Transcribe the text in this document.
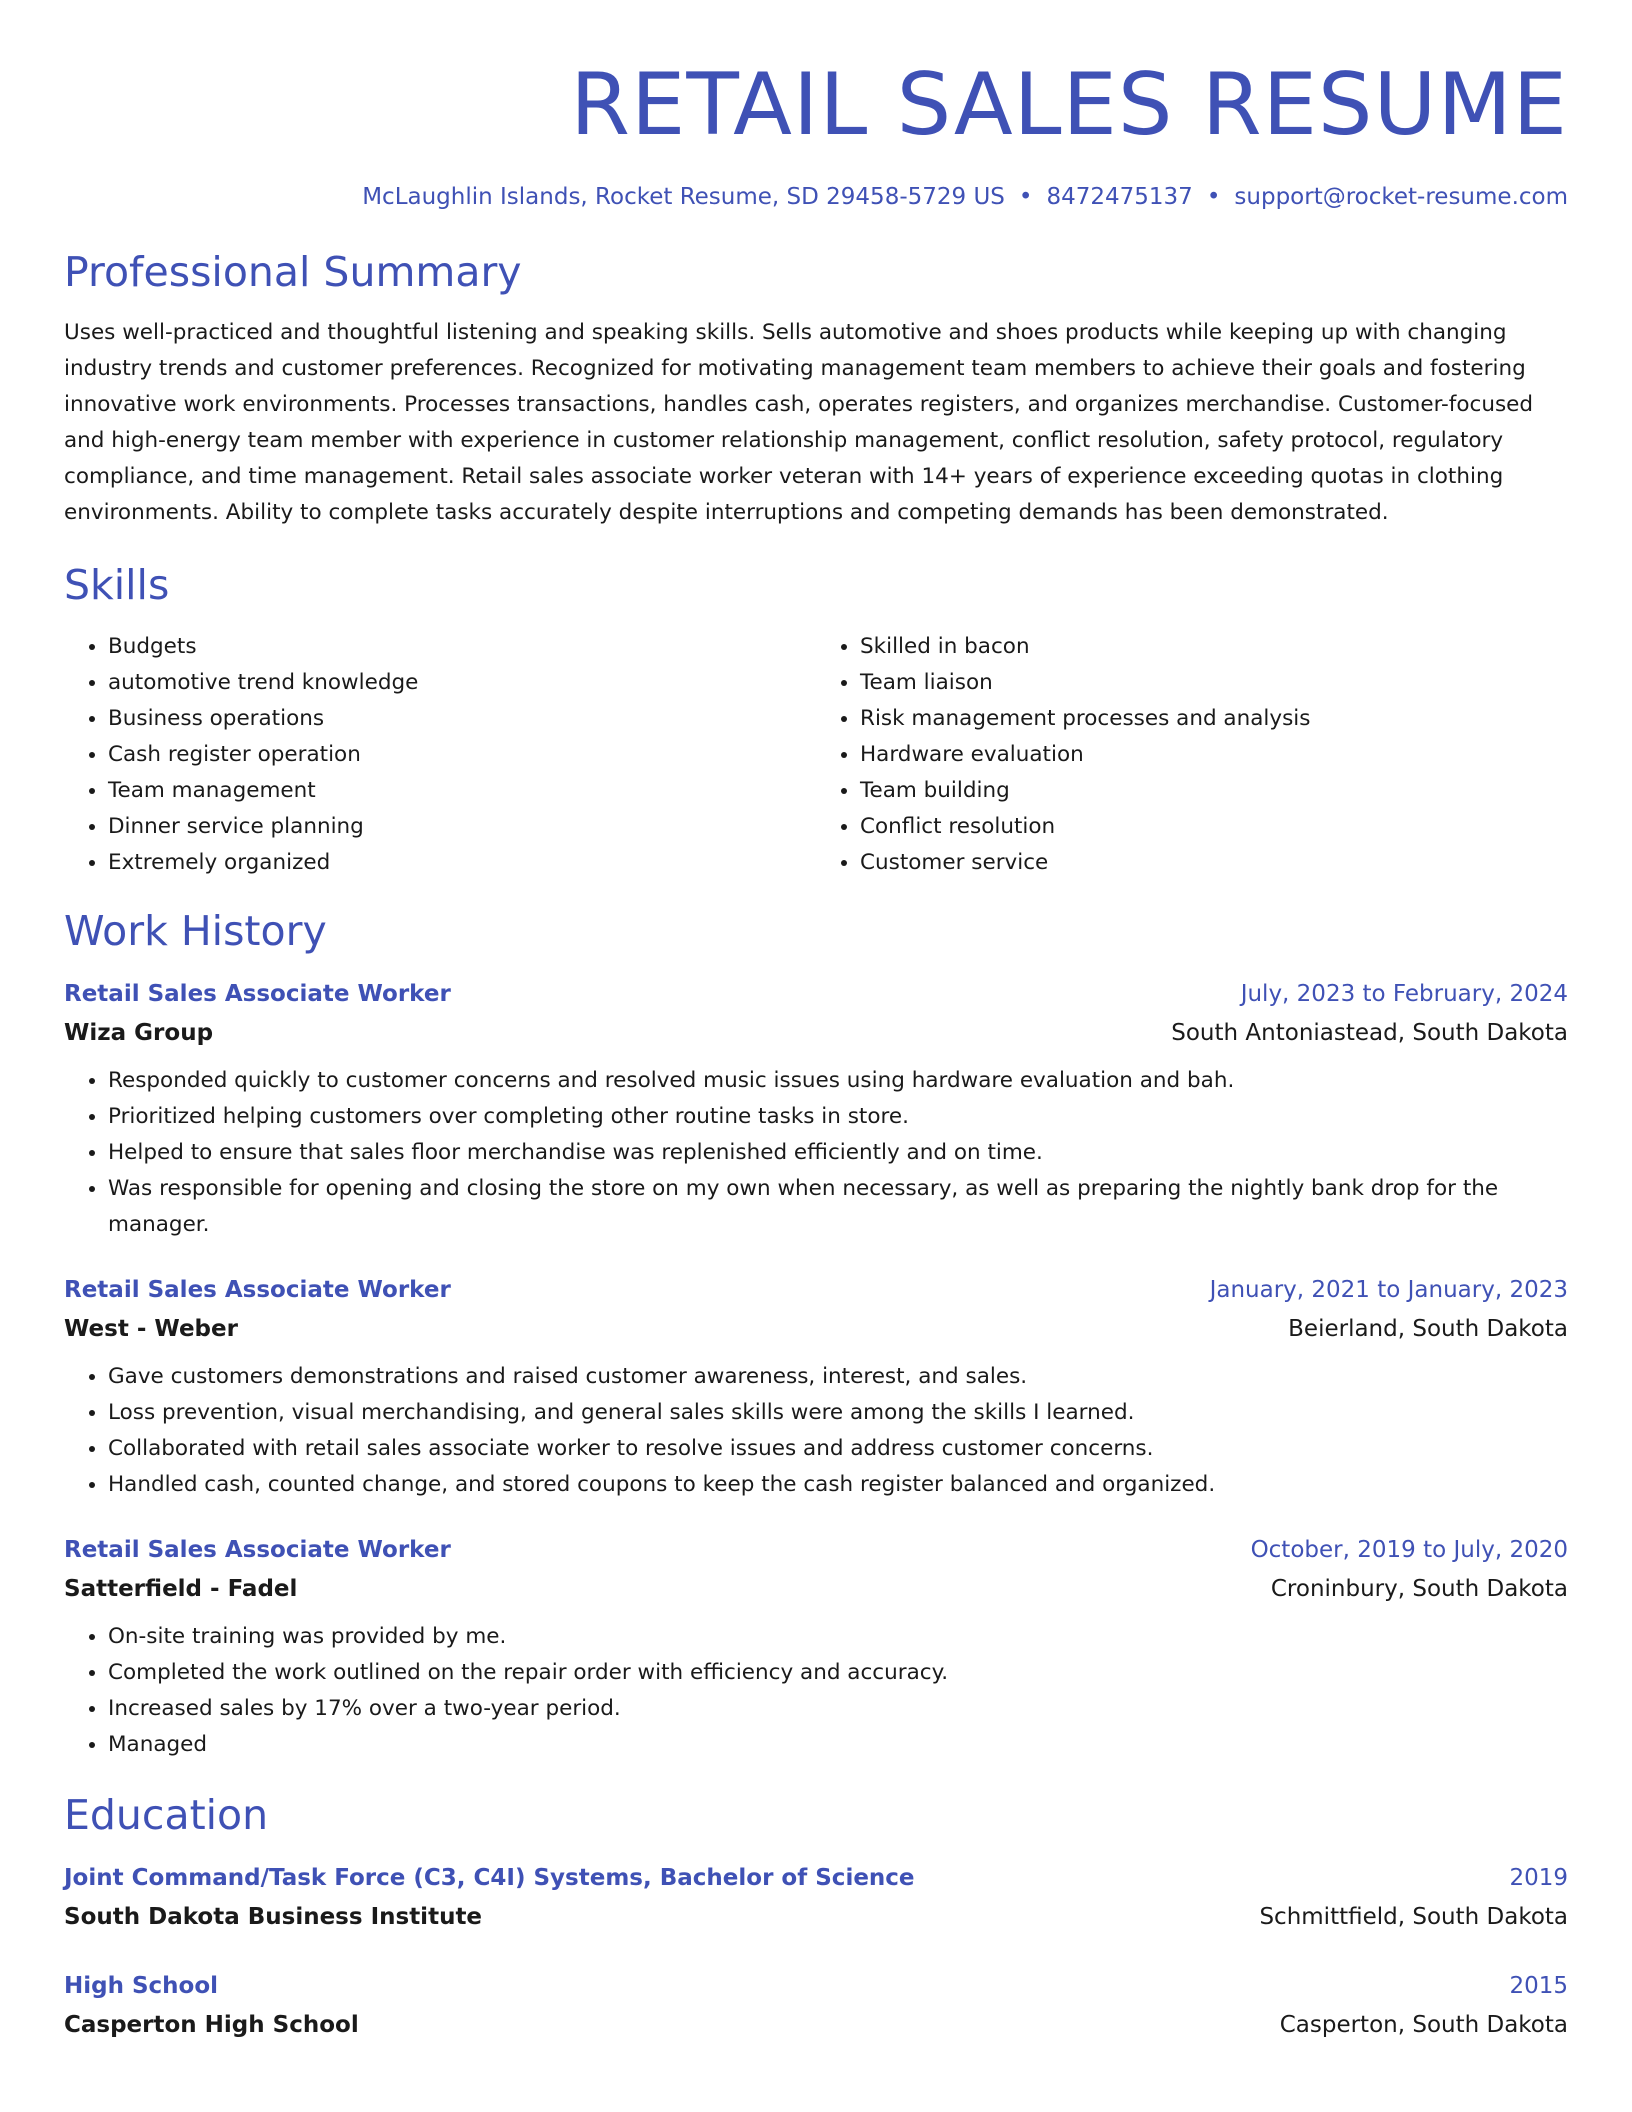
RETAIL SALES RESUME
McLaughlin Islands, Rocket Resume, SD 29458-5729 US • 8472475137 • support@rocket-resume.com
Professional Summary

Uses well-practiced and thoughtful listening and speaking skills. Sells automotive and shoes products while keeping up with changing industry trends and customer preferences. Recognized for motivating management team members to achieve their goals and fostering innovative work environments. Processes transactions, handles cash, operates registers, and organizes merchandise. Customer-focused and high-energy team member with experience in customer relationship management, conflict resolution, safety protocol, regulatory compliance, and time management. Retail sales associate worker veteran with 14+ years of experience exceeding quotas in clothing environments. Ability to complete tasks accurately despite interruptions and competing demands has been demonstrated.

Skills
• Budgets
• automotive trend knowledge
• Business operations
• Cash register operation
• Team management
• Dinner service planning
• Extremely organized
• Skilled in bacon
• Team liaison
• Risk management processes and analysis
• Hardware evaluation
• Team building
• Conflict resolution
• Customer service
Work History
Retail Sales Associate Worker	July, 2023 to February, 2024
Wiza Group	South Antoniastead, South Dakota
• Responded quickly to customer concerns and resolved music issues using hardware evaluation and bah.
• Prioritized helping customers over completing other routine tasks in store.
• Helped to ensure that sales floor merchandise was replenished efficiently and on time.
• Was responsible for opening and closing the store on my own when necessary, as well as preparing the nightly bank drop for the manager.
Retail Sales Associate Worker	January, 2021 to January, 2023
West - Weber	Beierland, South Dakota
• Gave customers demonstrations and raised customer awareness, interest, and sales.
• Loss prevention, visual merchandising, and general sales skills were among the skills I learned.
• Collaborated with retail sales associate worker to resolve issues and address customer concerns.
• Handled cash, counted change, and stored coupons to keep the cash register balanced and organized.
Retail Sales Associate Worker	October, 2019 to July, 2020
Satterfield - Fadel	Croninbury, South Dakota
• On-site training was provided by me.
• Completed the work outlined on the repair order with efficiency and accuracy.
• Increased sales by 17% over a two-year period.
• Managed
Education
Joint Command/Task Force (C3, C4I) Systems, Bachelor of Science	2019
South Dakota Business Institute	Schmittfield, South Dakota
High School	2015
Casperton High School	Casperton, South Dakota
